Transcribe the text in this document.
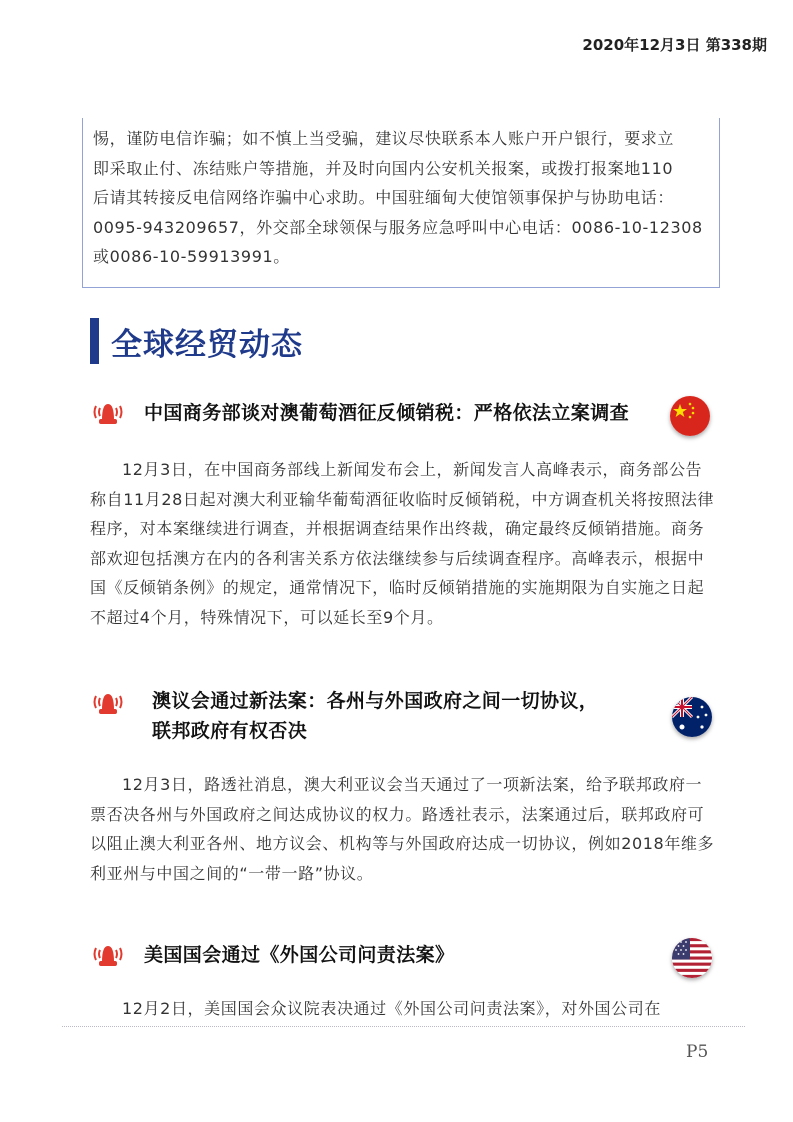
2020年12月3日 第338期

惕，谨防电信诈骗；如不慎上当受骗，建议尽快联系本人账户开户银行，要求立

即采取止付、冻结账户等措施，并及时向国内公安机关报案，或拨打报案地110

后请其转接反电信网络诈骗中心求助。中国驻缅甸大使馆领事保护与协助电话：

0095-943209657，外交部全球领保与服务应急呼叫中心电话：0086-10-12308

或0086-10-59913991。

全球经贸动态
中国商务部谈对澳葡萄酒征反倾销税：严格依法立案调查

12月3日，在中国商务部线上新闻发布会上，新闻发言人高峰表示，商务部公告称自11月28日起对澳大利亚输华葡萄酒征收临时反倾销税，中方调查机关将按照法律程序，对本案继续进行调查，并根据调查结果作出终裁，确定最终反倾销措施。商务部欢迎包括澳方在内的各利害关系方依法继续参与后续调查程序。高峰表示，根据中国《反倾销条例》的规定，通常情况下，临时反倾销措施的实施期限为自实施之日起不超过4个月，特殊情况下，可以延长至9个月。

澳议会通过新法案：各州与外国政府之间一切协议，
联邦政府有权否决

12月3日，路透社消息，澳大利亚议会当天通过了一项新法案，给予联邦政府一票否决各州与外国政府之间达成协议的权力。路透社表示，法案通过后，联邦政府可以阻止澳大利亚各州、地方议会、机构等与外国政府达成一切协议，例如2018年维多利亚州与中国之间的“一带一路”协议。

美国国会通过《外国公司问责法案》

12月2日，美国国会众议院表决通过《外国公司问责法案》，对外国公司在

P5
